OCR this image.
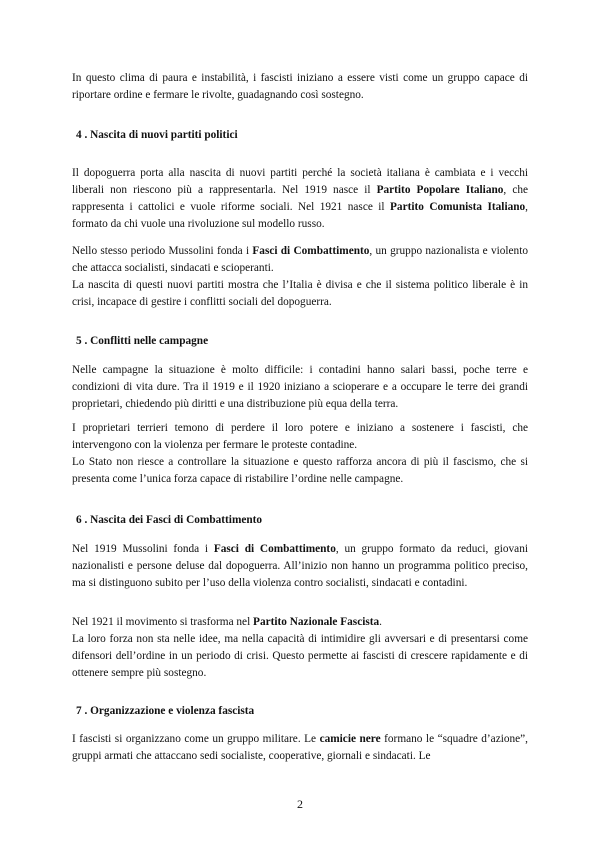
In questo clima di paura e instabilità, i fascisti iniziano a essere visti come un gruppo capace di riportare ordine e fermare le rivolte, guadagnando così sostegno.

4 . Nascita di nuovi partiti politici

Il dopoguerra porta alla nascita di nuovi partiti perché la società italiana è cambiata e i vecchi liberali non riescono più a rappresentarla. Nel 1919 nasce il Partito Popolare Italiano, che rappresenta i cattolici e vuole riforme sociali. Nel 1921 nasce il Partito Comunista Italiano, formato da chi vuole una rivoluzione sul modello russo.

Nello stesso periodo Mussolini fonda i Fasci di Combattimento, un gruppo nazionalista e violento che attacca socialisti, sindacati e scioperanti.

La nascita di questi nuovi partiti mostra che l’Italia è divisa e che il sistema politico liberale è in crisi, incapace di gestire i conflitti sociali del dopoguerra.

5 . Conflitti nelle campagne

Nelle campagne la situazione è molto difficile: i contadini hanno salari bassi, poche terre e condizioni di vita dure. Tra il 1919 e il 1920 iniziano a scioperare e a occupare le terre dei grandi proprietari, chiedendo più diritti e una distribuzione più equa della terra.

I proprietari terrieri temono di perdere il loro potere e iniziano a sostenere i fascisti, che intervengono con la violenza per fermare le proteste contadine.

Lo Stato non riesce a controllare la situazione e questo rafforza ancora di più il fascismo, che si presenta come l’unica forza capace di ristabilire l’ordine nelle campagne.

6 . Nascita dei Fasci di Combattimento

Nel 1919 Mussolini fonda i Fasci di Combattimento, un gruppo formato da reduci, giovani nazionalisti e persone deluse dal dopoguerra. All’inizio non hanno un programma politico preciso, ma si distinguono subito per l’uso della violenza contro socialisti, sindacati e contadini.

Nel 1921 il movimento si trasforma nel Partito Nazionale Fascista.

La loro forza non sta nelle idee, ma nella capacità di intimidire gli avversari e di presentarsi come difensori dell’ordine in un periodo di crisi. Questo permette ai fascisti di crescere rapidamente e di ottenere sempre più sostegno.

7 . Organizzazione e violenza fascista

I fascisti si organizzano come un gruppo militare. Le camicie nere formano le “squadre d’azione”, gruppi armati che attaccano sedi socialiste, cooperative, giornali e sindacati. Le

2
